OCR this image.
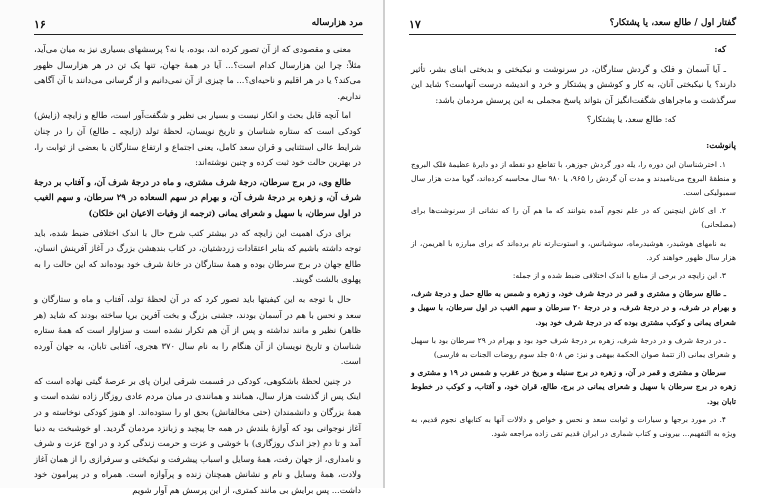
۱۶	مرد هزارساله

معنی و مقصودی که از آن تصور کرده اند، بوده، یا نه؟ پرسشهای بسیاری نیز به میان می‌آید، مثلاً: چرا این هزارسال کدام است؟... آیا در همهٔ جهان، تنها یک تن در هر هزارسال ظهور می‌کند؟ یا در هر اقلیم و ناحیه‌ای؟... ما چیزی از آن نمی‌دانیم و از گرسانی می‌دانند با آن آگاهی نداریم.

اما آنچه قابل بحث و انکار نیست و بسیار بی نظیر و شگفت‌آور است، طالع و زایچه (زایش) کودکی است که ستاره شناسان و تاریخ نویسان، لحظهٔ تولد (زایچه ـ طالع) آن را در چنان شرایط عالی استثنایی و قران سعد کامل، یعنی اجتماع و ارتفاع ستارگان یا بعضی از ثوابت را، در بهترین حالت خود ثبت کرده و چنین نوشته‌اند:

طالع وی، در برج سرطان، درجهٔ شرف مشتری، و ماه در درجهٔ شرف آن، و آفتاب بر درجهٔ شرف آن، و زهره بر درجهٔ شرف آن، و بهرام در سهم السعاده در ۲۹ سرطان، و سهم الغیب در اول سرطان، با سهیل و شعرای یمانی (ترجمه از وفیات الاعیان ابن خلکان)

برای درک اهمیت این زایچه که در بیشتر کتب شرح حال با اندک اختلافی ضبط شده، باید توجه داشته باشیم که بنابر اعتقادات زردشتیان، در کتاب بندهشن بزرگ در آغاز آفرینش انسان، طالع جهان در برج سرطان بوده و همهٔ ستارگان در خانهٔ شرف خود بوده‌اند که این حالت را به پهلوی بالشت گویند.

حال با توجه به این کیفیتها باید تصور کرد که در آن لحظهٔ تولد، آفتاب و ماه و ستارگان و سعد و نحس با هم در آسمان بودند، جشنی بزرگ و بخت آفرین برپا ساخته بودند که شاید (هر ظاهر) نظیر و مانند نداشته و پس از آن هم تکرار نشده است و سزاوار است که همهٔ ستاره شناسان و تاریخ نویسان از آن هنگام را به نام سال ۳۷۰ هجری، آفتابی تابان، به جهان آورده است.

در چنین لحظهٔ باشکوهی، کودکی در قسمت شرقی ایران پای بر عرصهٔ گیتی نهاده است که اینک پس از گذشت هزار سال، همانند و همانندی در میان مردم عادی روزگار زاده نشده است و همهٔ بزرگان و دانشمندان (حتی مخالفانش) بحق او را ستوده‌اند. او هنوز کودکی نوخاسته و در آغاز نوجوانی بود که آوازهٔ بلندش در همه جا پیچید و زبانزد مردمان گردید. او خوشبخت به دنیا آمد و تا دمِ (جز اندک روزگاری) با خوشی و عزت و حرمت زندگی کرد و در اوج عزت و شرف و نامداری، از جهان رفت، همهٔ وسایل و اسباب پیشرفت و نیکبختی و سرفرازی را از همان آغاز ولادت، همهٔ وسایل و نام و نشانش همچنان زنده و پرآوازه است. همراه و در پیرامون خود داشت... پس برایش بی مانند کمتری، از این پرسش هم آوار شویم

۱۷	گفتار اول / طالع سعد، یا پشتکار؟

که:

ـ آیا آسمان و فلک و گردش ستارگان، در سرنوشت و نیکبختی و بدبختی ابنای بشر، تأثیر دارند؟ یا نیکبختی آنان، به کار و کوشش و پشتکار و خرد و اندیشه درست آنهاست؟ شاید این سرگذشت و ماجراهای شگفت‌انگیز آن بتواند پاسخ مجملی به این پرسش مردمان باشد:

که: طالع سعد، یا پشتکار؟

پانوشت:

۱. اخترشناسان این دوره را، یله دور گردش جوزهر، با تقاطع دو نقطه از دو دایرهٔ عظیمهٔ فلک البروج و منطقهٔ البروج می‌نامیدند و مدت آن گردش را ۹۶۵، یا ۹۸۰ سال محاسبه کرده‌اند، گویا مدت هزار سال سمبولیکی است.

۲. ای کاش اینچنین که در علم نجوم آمده بتوانند که ما هم آن را که نشانی از سرنوشت‌ها برای (مصلحانی)

به نامهای هوشیدر، هوشیدرماه، سوشیانس، و استوت‌ارته نام برده‌اند که برای مبارزه با اهریمن، از هزار سال ظهور خواهند کرد.

۳. این زایچه در برخی از منابع با اندک اختلافی ضبط شده و از جمله:

ـ طالع سرطان و مشتری و قمر در درجهٔ شرف خود، و زهره و شمس به طالع حمل و درجهٔ شرف، و بهرام در شرف، و در درجهٔ شرف، و در درجهٔ ۲۰ سرطان و سهم الغیب در اول سرطان، با سهیل و شعرای یمانی و کوکب مشتری بوده که در درجهٔ شرف خود بود.

ـ در درجهٔ شرف و در درجهٔ شرف، زهره بر درجهٔ شرف خود بود و بهرام در ۲۹ سرطان بود با سهیل و شعرای یمانی (از تتمهٔ صوان الحکمة بیهقی و نیز: ص ۵۰۸ جلد سوم روضات الجنات به فارسی)

سرطان و مشتری و قمر در آن، و زهره در برج سنبله و مریخ در عقرب و شمس در ۱۹ و مشتری و زهره در برج سرطان با سهیل و شعرای یمانی در برج، طالع، قران خود، و آفتاب، و کوکب در خطوط تابان بود.

۴. در مورد برجها و سیارات و ثوابت سعد و نحس و خواص و دلالات آنها به کتابهای نجوم قدیم، به ویژه به التفهیم... بیرونی و کتاب شماری در ایران قدیم تقی زاده مراجعه شود.
